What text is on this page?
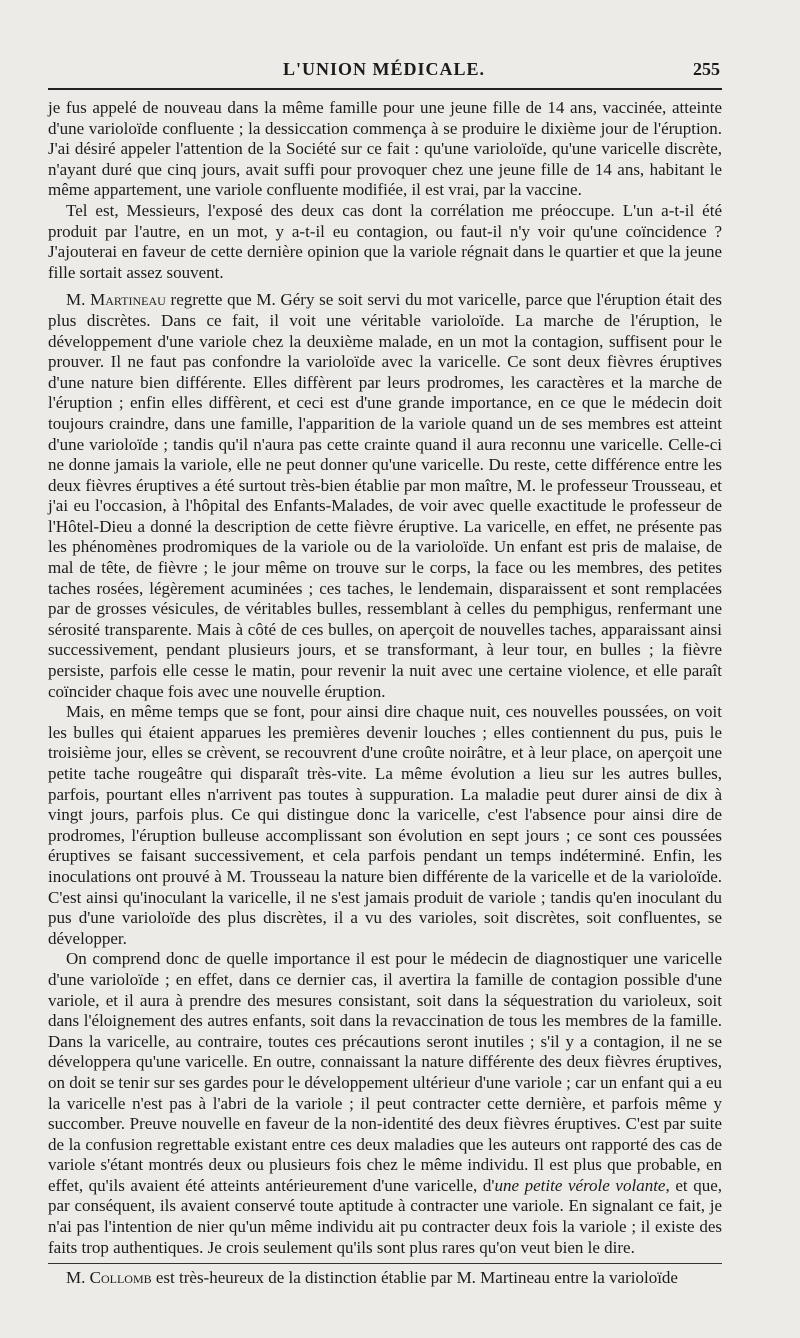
L'UNION MÉDICALE.	255

je fus appelé de nouveau dans la même famille pour une jeune fille de 14 ans, vaccinée, atteinte d'une varioloïde confluente ; la dessiccation commença à se produire le dixième jour de l'éruption. J'ai désiré appeler l'attention de la Société sur ce fait : qu'une varioloïde, qu'une varicelle discrète, n'ayant duré que cinq jours, avait suffi pour provoquer chez une jeune fille de 14 ans, habitant le même appartement, une variole confluente modifiée, il est vrai, par la vaccine.

Tel est, Messieurs, l'exposé des deux cas dont la corrélation me préoccupe. L'un a-t-il été produit par l'autre, en un mot, y a-t-il eu contagion, ou faut-il n'y voir qu'une coïncidence ? J'ajouterai en faveur de cette dernière opinion que la variole régnait dans le quartier et que la jeune fille sortait assez souvent.

M. Martineau regrette que M. Géry se soit servi du mot varicelle, parce que l'éruption était des plus discrètes. Dans ce fait, il voit une véritable varioloïde. La marche de l'éruption, le développement d'une variole chez la deuxième malade, en un mot la contagion, suffisent pour le prouver. Il ne faut pas confondre la varioloïde avec la varicelle. Ce sont deux fièvres éruptives d'une nature bien différente. Elles diffèrent par leurs prodromes, les caractères et la marche de l'éruption ; enfin elles diffèrent, et ceci est d'une grande importance, en ce que le médecin doit toujours craindre, dans une famille, l'apparition de la variole quand un de ses membres est atteint d'une varioloïde ; tandis qu'il n'aura pas cette crainte quand il aura reconnu une varicelle. Celle-ci ne donne jamais la variole, elle ne peut donner qu'une varicelle. Du reste, cette différence entre les deux fièvres éruptives a été surtout très-bien établie par mon maître, M. le professeur Trousseau, et j'ai eu l'occasion, à l'hôpital des Enfants-Malades, de voir avec quelle exactitude le professeur de l'Hôtel-Dieu a donné la description de cette fièvre éruptive. La varicelle, en effet, ne présente pas les phénomènes prodromiques de la variole ou de la varioloïde. Un enfant est pris de malaise, de mal de tête, de fièvre ; le jour même on trouve sur le corps, la face ou les membres, des petites taches rosées, légèrement acuminées ; ces taches, le lendemain, disparaissent et sont remplacées par de grosses vésicules, de véritables bulles, ressemblant à celles du pemphigus, renfermant une sérosité transparente. Mais à côté de ces bulles, on aperçoit de nouvelles taches, apparaissant ainsi successivement, pendant plusieurs jours, et se transformant, à leur tour, en bulles ; la fièvre persiste, parfois elle cesse le matin, pour revenir la nuit avec une certaine violence, et elle paraît coïncider chaque fois avec une nouvelle éruption.

Mais, en même temps que se font, pour ainsi dire chaque nuit, ces nouvelles poussées, on voit les bulles qui étaient apparues les premières devenir louches ; elles contiennent du pus, puis le troisième jour, elles se crèvent, se recouvrent d'une croûte noirâtre, et à leur place, on aperçoit une petite tache rougeâtre qui disparaît très-vite. La même évolution a lieu sur les autres bulles, parfois, pourtant elles n'arrivent pas toutes à suppuration. La maladie peut durer ainsi de dix à vingt jours, parfois plus. Ce qui distingue donc la varicelle, c'est l'absence pour ainsi dire de prodromes, l'éruption bulleuse accomplissant son évolution en sept jours ; ce sont ces poussées éruptives se faisant successivement, et cela parfois pendant un temps indéterminé. Enfin, les inoculations ont prouvé à M. Trousseau la nature bien différente de la varicelle et de la varioloïde. C'est ainsi qu'inoculant la varicelle, il ne s'est jamais produit de variole ; tandis qu'en inoculant du pus d'une varioloïde des plus discrètes, il a vu des varioles, soit discrètes, soit confluentes, se développer.

On comprend donc de quelle importance il est pour le médecin de diagnostiquer une varicelle d'une varioloïde ; en effet, dans ce dernier cas, il avertira la famille de contagion possible d'une variole, et il aura à prendre des mesures consistant, soit dans la séquestration du varioleux, soit dans l'éloignement des autres enfants, soit dans la revaccination de tous les membres de la famille. Dans la varicelle, au contraire, toutes ces précautions seront inutiles ; s'il y a contagion, il ne se développera qu'une varicelle. En outre, connaissant la nature différente des deux fièvres éruptives, on doit se tenir sur ses gardes pour le développement ultérieur d'une variole ; car un enfant qui a eu la varicelle n'est pas à l'abri de la variole ; il peut contracter cette dernière, et parfois même y succomber. Preuve nouvelle en faveur de la non-identité des deux fièvres éruptives. C'est par suite de la confusion regrettable existant entre ces deux maladies que les auteurs ont rapporté des cas de variole s'étant montrés deux ou plusieurs fois chez le même individu. Il est plus que probable, en effet, qu'ils avaient été atteints antérieurement d'une varicelle, d'une petite vérole volante, et que, par conséquent, ils avaient conservé toute aptitude à contracter une variole. En signalant ce fait, je n'ai pas l'intention de nier qu'un même individu ait pu contracter deux fois la variole ; il existe des faits trop authentiques. Je crois seulement qu'ils sont plus rares qu'on veut bien le dire.

M. Collomb est très-heureux de la distinction établie par M. Martineau entre la varioloïde
